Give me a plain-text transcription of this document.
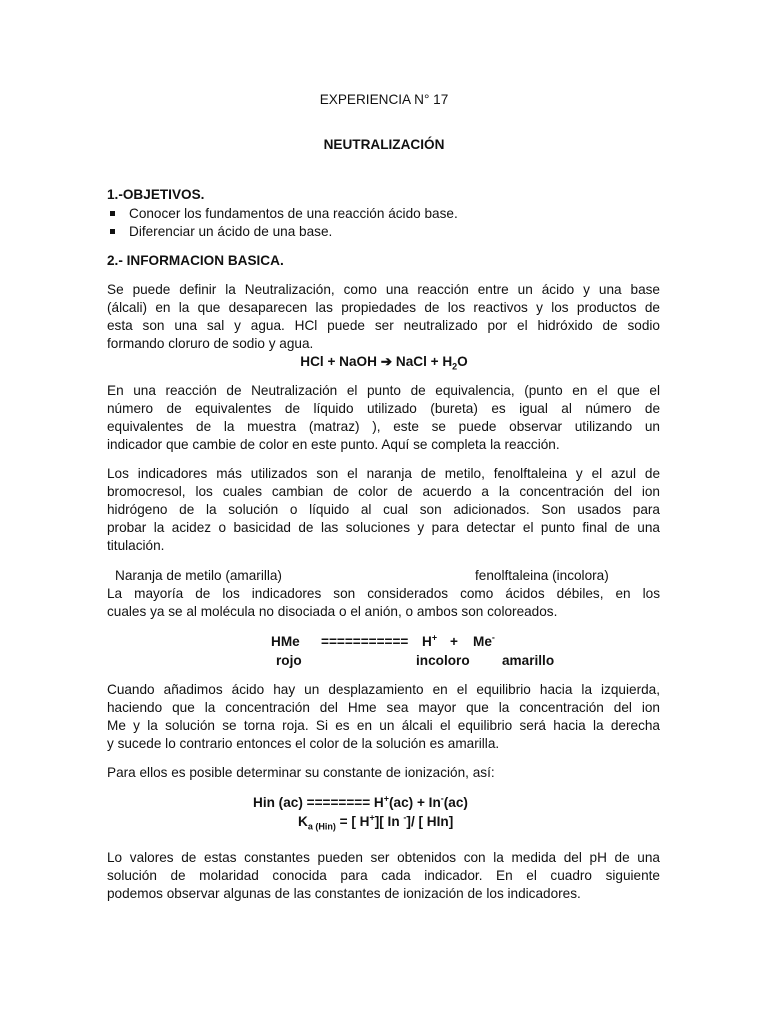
EXPERIENCIA N° 17
NEUTRALIZACIÓN
1.-OBJETIVOS.
Conocer los fundamentos de una reacción ácido base.
Diferenciar un ácido de una base.
2.- INFORMACION BASICA.
Se puede definir la Neutralización, como una reacción entre un ácido y una base
(álcali) en la que desaparecen las propiedades de los reactivos y los productos de
esta son una sal y agua. HCl puede ser neutralizado por el hidróxido de sodio
formando cloruro de sodio y agua.
HCl + NaOH ➔ NaCl + $H_2O$
En una reacción de Neutralización el punto de equivalencia, (punto en el que el
número de equivalentes de líquido utilizado (bureta) es igual al número de
equivalentes de la muestra (matraz) ), este se puede observar utilizando un
indicador que cambie de color en este punto. Aquí se completa la reacción.
Los indicadores más utilizados son el naranja de metilo, fenolftaleina y el azul de
bromocresol, los cuales cambian de color de acuerdo a la concentración del ion
hidrógeno de la solución o líquido al cual son adicionados. Son usados para
probar la acidez o basicidad de las soluciones y para detectar el punto final de una
titulación.
Naranja de metilo (amarilla)	fenolftaleina (incolora)
La mayoría de los indicadores son considerados como ácidos débiles, en los
cuales ya se al molécula no disociada o el anión, o ambos son coloreados.
HMe =========== H+ + Me-
rojo	incoloro amarillo
Cuando añadimos ácido hay un desplazamiento en el equilibrio hacia la izquierda,
haciendo que la concentración del Hme sea mayor que la concentración del ion
Me y la solución se torna roja. Si es en un álcali el equilibrio será hacia la derecha
y sucede lo contrario entonces el color de la solución es amarilla.
Para ellos es posible determinar su constante de ionización, así:
Hin (ac) ======== H+(ac) + In-(ac)
$K_{a (Hin)}$ = [ H+][ In -]/ [ HIn]
Lo valores de estas constantes pueden ser obtenidos con la medida del pH de una
solución de molaridad conocida para cada indicador. En el cuadro siguiente
podemos observar algunas de las constantes de ionización de los indicadores.
